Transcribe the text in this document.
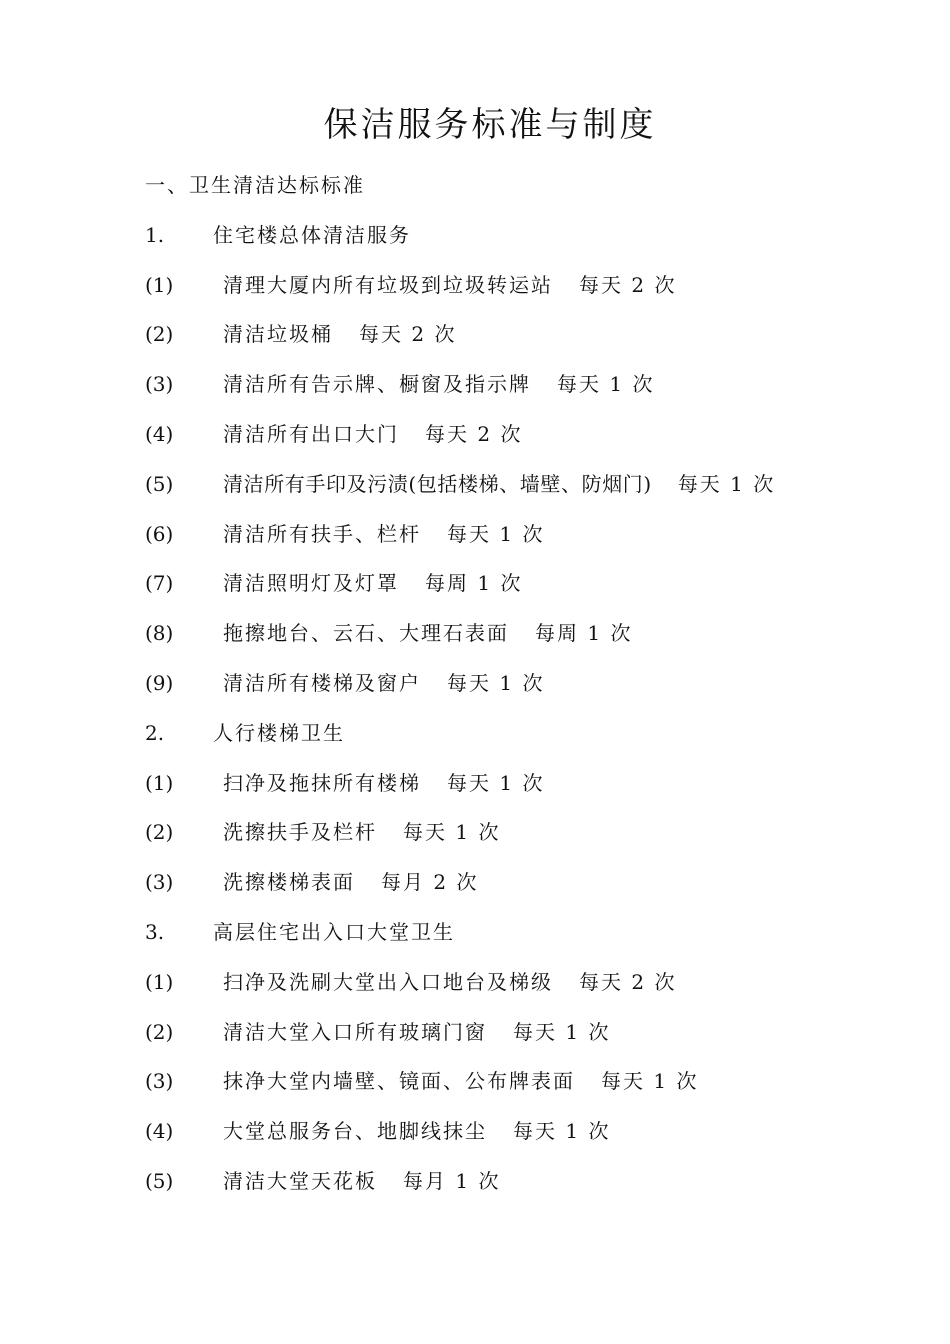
保洁服务标准与制度
一、卫生清洁达标标准
1. 住宅楼总体清洁服务
(1) 清理大厦内所有垃圾到垃圾转运站 每天 2 次
(2) 清洁垃圾桶 每天 2 次
(3) 清洁所有告示牌、橱窗及指示牌 每天 1 次
(4) 清洁所有出口大门 每天 2 次
(5) 清洁所有手印及污渍(包括楼梯、墙壁、防烟门) 每天 1 次
(6) 清洁所有扶手、栏杆 每天 1 次
(7) 清洁照明灯及灯罩 每周 1 次
(8) 拖擦地台、云石、大理石表面 每周 1 次
(9) 清洁所有楼梯及窗户 每天 1 次
2. 人行楼梯卫生
(1) 扫净及拖抹所有楼梯 每天 1 次
(2) 洗擦扶手及栏杆 每天 1 次
(3) 洗擦楼梯表面 每月 2 次
3. 高层住宅出入口大堂卫生
(1) 扫净及洗刷大堂出入口地台及梯级 每天 2 次
(2) 清洁大堂入口所有玻璃门窗 每天 1 次
(3) 抹净大堂内墙壁、镜面、公布牌表面 每天 1 次
(4) 大堂总服务台、地脚线抹尘 每天 1 次
(5) 清洁大堂天花板 每月 1 次
